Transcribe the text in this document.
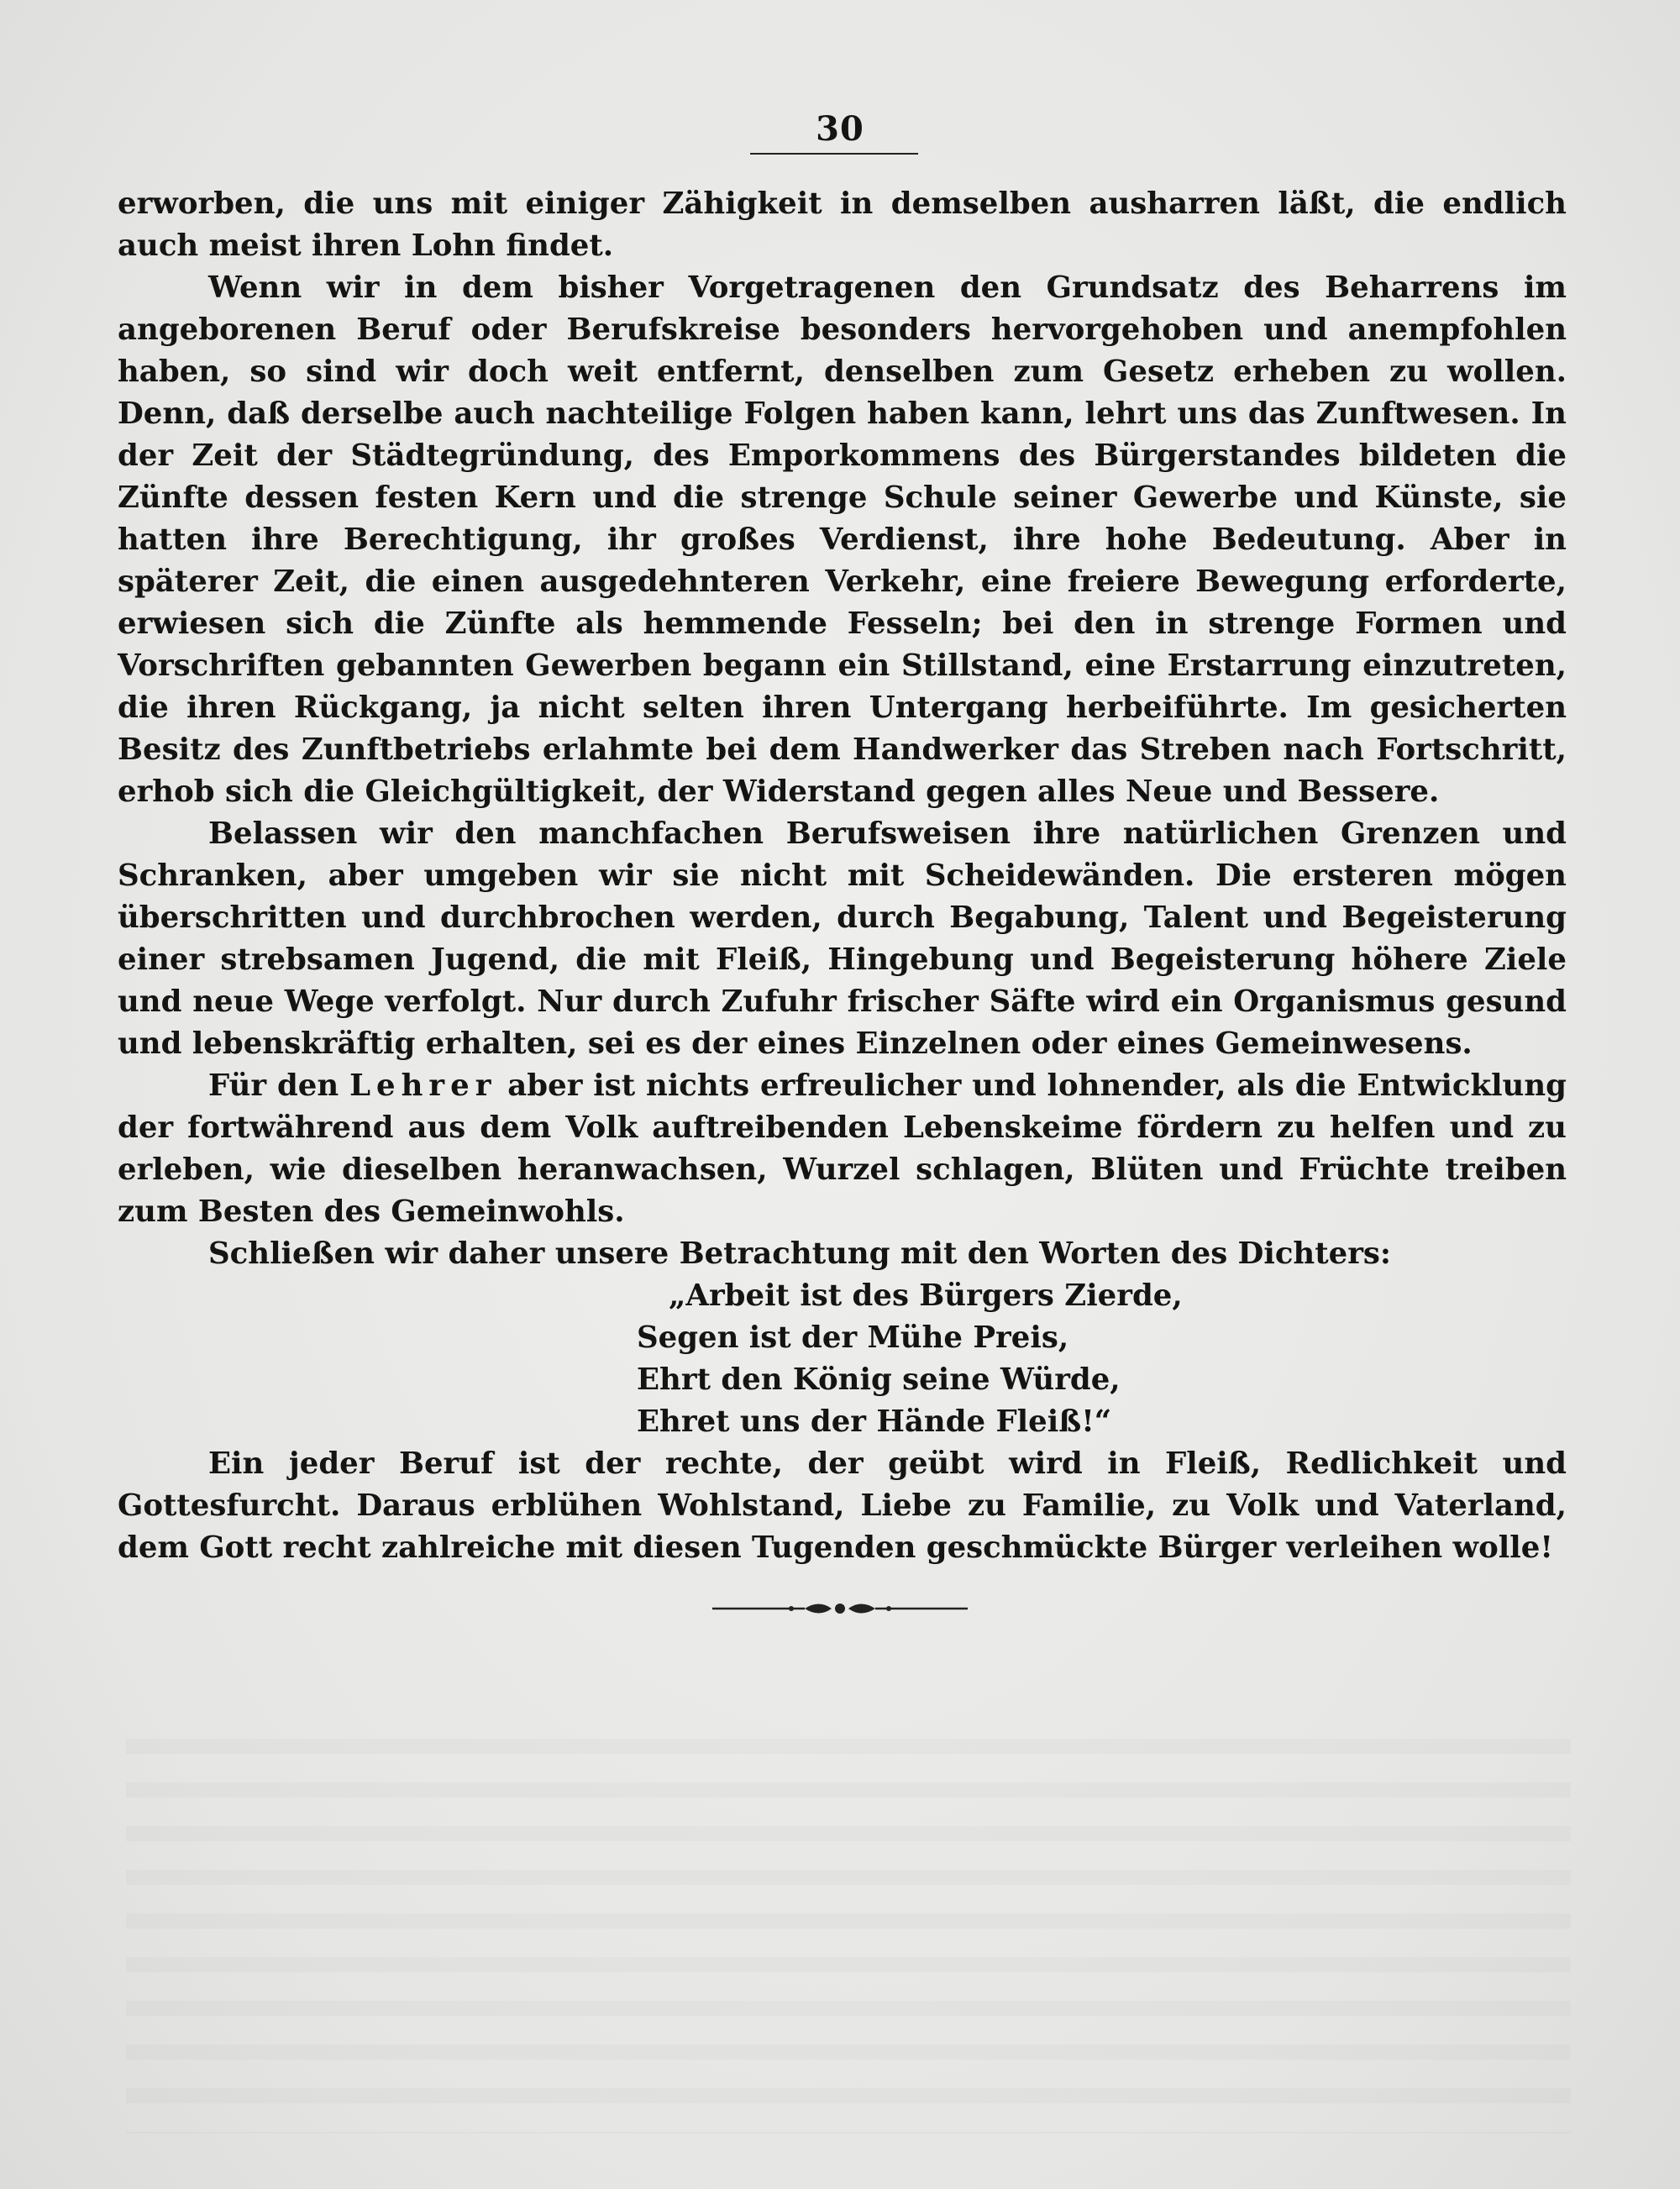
30

erworben, die uns mit einiger Zähigkeit in demselben ausharren läßt, die endlich auch meist ihren Lohn findet.

Wenn wir in dem bisher Vorgetragenen den Grundsatz des Beharrens im angeborenen Beruf oder Berufskreise besonders hervorgehoben und anempfohlen haben, so sind wir doch weit entfernt, denselben zum Gesetz erheben zu wollen. Denn, daß derselbe auch nachteilige Folgen haben kann, lehrt uns das Zunftwesen. In der Zeit der Städtegründung, des Emporkommens des Bürgerstandes bildeten die Zünfte dessen festen Kern und die strenge Schule seiner Gewerbe und Künste, sie hatten ihre Berechtigung, ihr großes Verdienst, ihre hohe Bedeutung. Aber in späterer Zeit, die einen ausgedehnteren Verkehr, eine freiere Bewegung erforderte, erwiesen sich die Zünfte als hemmende Fesseln; bei den in strenge Formen und Vorschriften gebannten Gewerben begann ein Stillstand, eine Erstarrung einzutreten, die ihren Rückgang, ja nicht selten ihren Untergang herbeiführte. Im gesicherten Besitz des Zunftbetriebs erlahmte bei dem Handwerker das Streben nach Fortschritt, erhob sich die Gleichgültigkeit, der Widerstand gegen alles Neue und Bessere.

Belassen wir den manchfachen Berufsweisen ihre natürlichen Grenzen und Schranken, aber umgeben wir sie nicht mit Scheidewänden. Die ersteren mögen überschritten und durchbrochen werden, durch Begabung, Talent und Begeisterung einer strebsamen Jugend, die mit Fleiß, Hingebung und Begeisterung höhere Ziele und neue Wege verfolgt. Nur durch Zufuhr frischer Säfte wird ein Organismus gesund und lebenskräftig erhalten, sei es der eines Einzelnen oder eines Gemeinwesens.

Für den Lehrer aber ist nichts erfreulicher und lohnender, als die Entwicklung der fortwährend aus dem Volk auftreibenden Lebenskeime fördern zu helfen und zu erleben, wie dieselben heranwachsen, Wurzel schlagen, Blüten und Früchte treiben zum Besten des Gemeinwohls.

Schließen wir daher unsere Betrachtung mit den Worten des Dichters:

„Arbeit ist des Bürgers Zierde,
Segen ist der Mühe Preis,
Ehrt den König seine Würde,
Ehret uns der Hände Fleiß!“

Ein jeder Beruf ist der rechte, der geübt wird in Fleiß, Redlichkeit und Gottesfurcht. Daraus erblühen Wohlstand, Liebe zu Familie, zu Volk und Vaterland, dem Gott recht zahlreiche mit diesen Tugenden geschmückte Bürger verleihen wolle!
